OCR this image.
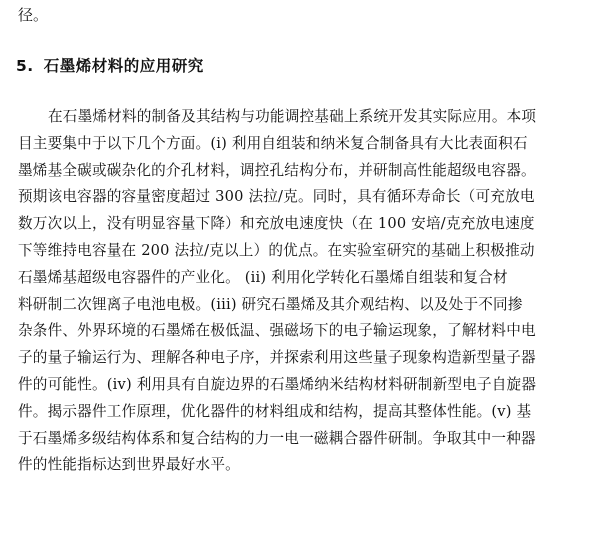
径。

5. 石墨烯材料的应用研究
在石墨烯材料的制备及其结构与功能调控基础上系统开发其实际应用。本项
目主要集中于以下几个方面。(i) 利用自组装和纳米复合制备具有大比表面积石
墨烯基全碳或碳杂化的介孔材料，调控孔结构分布，并研制高性能超级电容器。
预期该电容器的容量密度超过 300 法拉/克。同时，具有循环寿命长（可充放电
数万次以上，没有明显容量下降）和充放电速度快（在 100 安培/克充放电速度
下等维持电容量在 200 法拉/克以上）的优点。在实验室研究的基础上积极推动
石墨烯基超级电容器件的产业化。 (ii) 利用化学转化石墨烯自组装和复合材
料研制二次锂离子电池电极。(iii) 研究石墨烯及其介观结构、以及处于不同掺
杂条件、外界环境的石墨烯在极低温、强磁场下的电子输运现象，了解材料中电
子的量子输运行为、理解各种电子序，并探索利用这些量子现象构造新型量子器
件的可能性。(iv) 利用具有自旋边界的石墨烯纳米结构材料研制新型电子自旋器
件。揭示器件工作原理，优化器件的材料组成和结构，提高其整体性能。(v) 基
于石墨烯多级结构体系和复合结构的力一电一磁耦合器件研制。争取其中一种器
件的性能指标达到世界最好水平。
